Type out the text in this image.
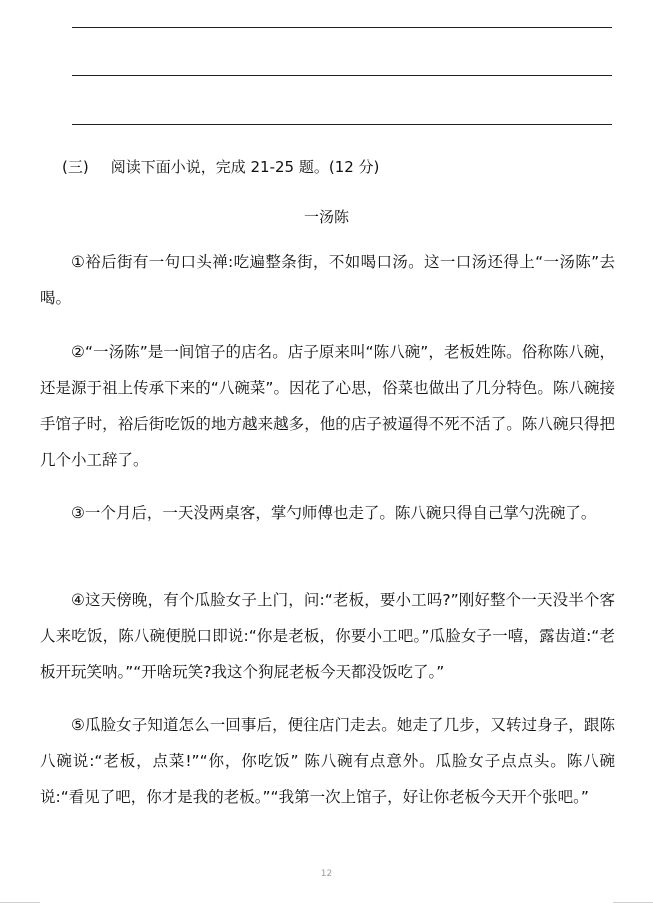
(三) 阅读下面小说，完成 21-25 题。(12 分)
一汤陈

①裕后街有一句口头禅:吃遍整条街，不如喝口汤。这一口汤还得上“一汤陈”去喝。

②“一汤陈”是一间馆子的店名。店子原来叫“陈八碗”，老板姓陈。俗称陈八碗，还是源于祖上传承下来的“八碗菜”。因花了心思，俗菜也做出了几分特色。陈八碗接手馆子时，裕后街吃饭的地方越来越多，他的店子被逼得不死不活了。陈八碗只得把几个小工辞了。

③一个月后，一天没两桌客，掌勺师傅也走了。陈八碗只得自己掌勺洗碗了。

④这天傍晚，有个瓜脸女子上门，问:“老板，要小工吗?”刚好整个一天没半个客人来吃饭，陈八碗便脱口即说:“你是老板，你要小工吧。”瓜脸女子一嘻，露齿道:“老板开玩笑呐。”“开啥玩笑?我这个狗屁老板今天都没饭吃了。”

⑤瓜脸女子知道怎么一回事后，便往店门走去。她走了几步，又转过身子，跟陈八碗说:“老板，点菜!”“你，你吃饭” 陈八碗有点意外。瓜脸女子点点头。陈八碗说:“看见了吧，你才是我的老板。”“我第一次上馆子，好让你老板今天开个张吧。”

12
